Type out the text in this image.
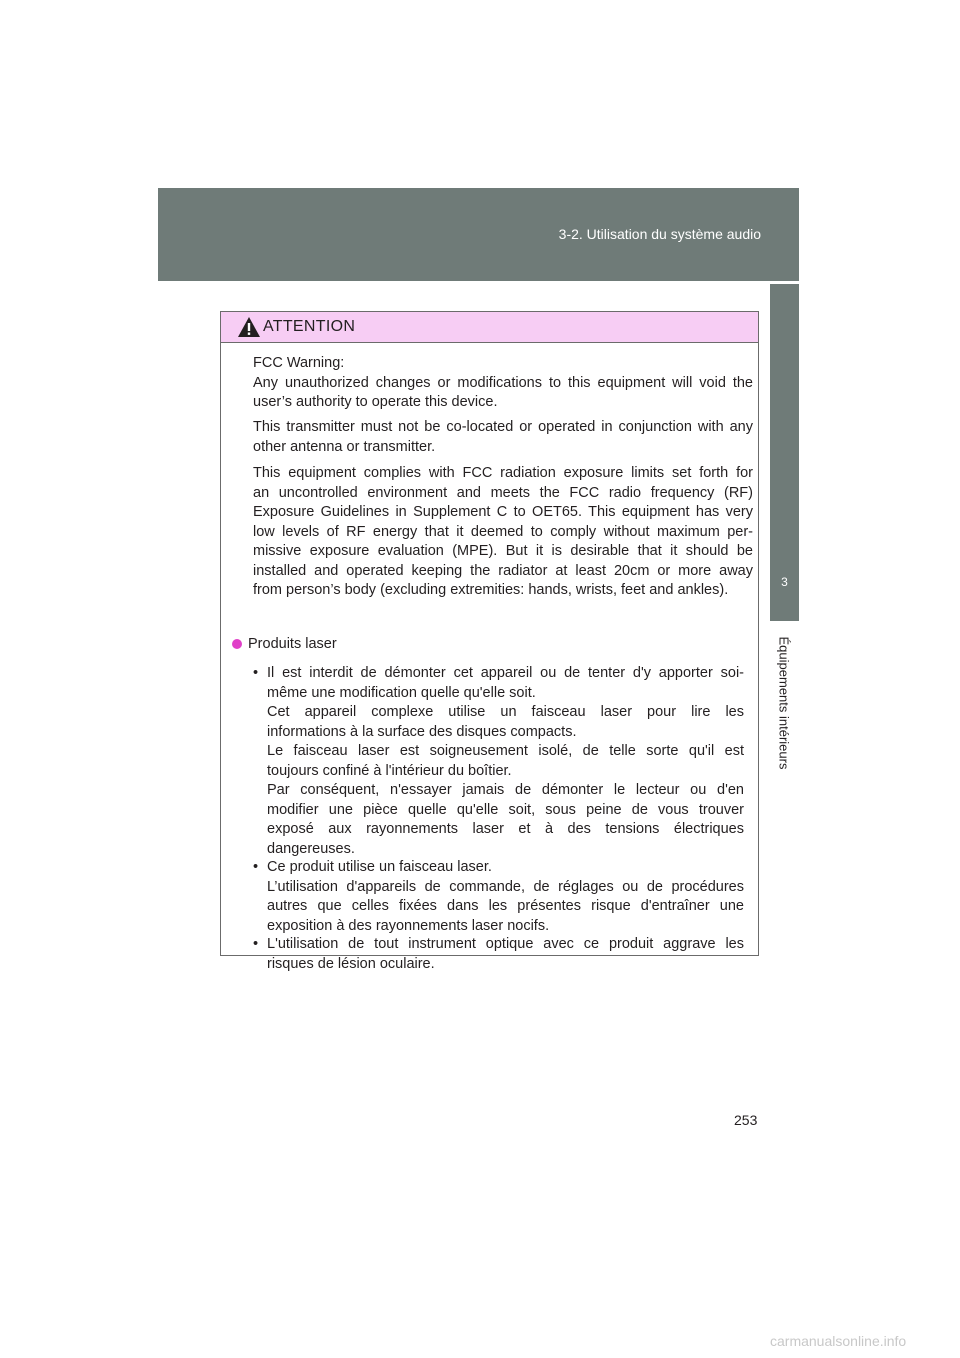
3-2. Utilisation du système audio
3
Équipements intérieurs
ATTENTION
FCC Warning:
Any unauthorized changes or modifications to this equipment will void the
user’s authority to operate this device.
This transmitter must not be co-located or operated in conjunction with any
other antenna or transmitter.
This equipment complies with FCC radiation exposure limits set forth for
an uncontrolled environment and meets the FCC radio frequency (RF)
Exposure Guidelines in Supplement C to OET65. This equipment has very
low levels of RF energy that it deemed to comply without maximum per-
missive exposure evaluation (MPE). But it is desirable that it should be
installed and operated keeping the radiator at least 20cm or more away
from person’s body (excluding extremities: hands, wrists, feet and ankles).
Produits laser
• Il est interdit de démonter cet appareil ou de tenter d'y apporter soi-
même une modification quelle qu'elle soit.
Cet appareil complexe utilise un faisceau laser pour lire les
informations à la surface des disques compacts.
Le faisceau laser est soigneusement isolé, de telle sorte qu'il est
toujours confiné à l'intérieur du boîtier.
Par conséquent, n'essayer jamais de démonter le lecteur ou d'en
modifier une pièce quelle qu'elle soit, sous peine de vous trouver
exposé aux rayonnements laser et à des tensions électriques
dangereuses.
• Ce produit utilise un faisceau laser.
L’utilisation d'appareils de commande, de réglages ou de procédures
autres que celles fixées dans les présentes risque d'entraîner une
exposition à des rayonnements laser nocifs.
• L'utilisation de tout instrument optique avec ce produit aggrave les
risques de lésion oculaire.
253
carmanualsonline.info
